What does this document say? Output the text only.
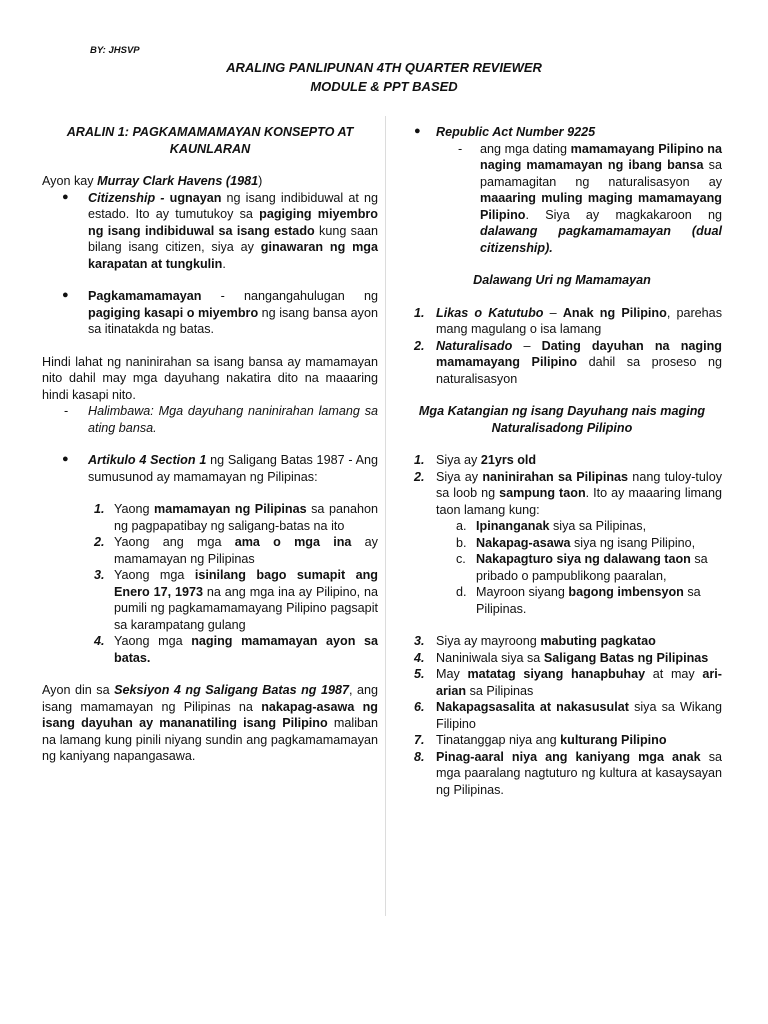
BY: JHSVP
ARALING PANLIPUNAN 4TH QUARTER REVIEWER
MODULE & PPT BASED

ARALIN 1: PAGKAMAMAMAYAN KONSEPTO AT KAUNLARAN

Ayon kay Murray Clark Havens (1981)

● Citizenship - ugnayan ng isang indibiduwal at ng estado. Ito ay tumutukoy sa pagiging miyembro ng isang indibiduwal sa isang estado kung saan bilang isang citizen, siya ay ginawaran ng mga karapatan at tungkulin.
● Pagkamamamayan - nangangahulugan ng pagiging kasapi o miyembro ng isang bansa ayon sa itinatakda ng batas.

Hindi lahat ng naninirahan sa isang bansa ay mamamayan nito dahil may mga dayuhang nakatira dito na maaaring hindi kasapi nito.

- Halimbawa: Mga dayuhang naninirahan lamang sa ating bansa.
● Artikulo 4 Section 1 ng Saligang Batas 1987 - Ang sumusunod ay mamamayan ng Pilipinas:
1. Yaong mamamayan ng Pilipinas sa panahon ng pagpapatibay ng saligang-batas na ito
2. Yaong ang mga ama o mga ina ay mamamayan ng Pilipinas
3. Yaong mga isinilang bago sumapit ang Enero 17, 1973 na ang mga ina ay Pilipino, na pumili ng pagkamamamayang Pilipino pagsapit sa karampatang gulang
4. Yaong mga naging mamamayan ayon sa batas.

Ayon din sa Seksiyon 4 ng Saligang Batas ng 1987, ang isang mamamayan ng Pilipinas na nakapag-asawa ng isang dayuhan ay mananatiling isang Pilipino maliban na lamang kung pinili niyang sundin ang pagkamamamayan ng kaniyang napangasawa.

● Republic Act Number 9225
- ang mga dating mamamayang Pilipino na naging mamamayan ng ibang bansa sa pamamagitan ng naturalisasyon ay maaaring muling maging mamamayang Pilipino. Siya ay magkakaroon ng dalawang pagkamamamayan (dual citizenship).

Dalawang Uri ng Mamamayan

1. Likas o Katutubo – Anak ng Pilipino, parehas mang magulang o isa lamang
2. Naturalisado – Dating dayuhan na naging mamamayang Pilipino dahil sa proseso ng naturalisasyon

Mga Katangian ng isang Dayuhang nais maging Naturalisadong Pilipino

1. Siya ay 21yrs old
2. Siya ay naninirahan sa Pilipinas nang tuloy-tuloy sa loob ng sampung taon. Ito ay maaaring limang taon lamang kung:
a. Ipinanganak siya sa Pilipinas,
b. Nakapag-asawa siya ng isang Pilipino,
c. Nakapagturo siya ng dalawang taon sa pribado o pampublikong paaralan,
d. Mayroon siyang bagong imbensyon sa Pilipinas.
3. Siya ay mayroong mabuting pagkatao
4. Naniniwala siya sa Saligang Batas ng Pilipinas
5. May matatag siyang hanapbuhay at may ari-arian sa Pilipinas
6. Nakapagsasalita at nakasusulat siya sa Wikang Filipino
7. Tinatanggap niya ang kulturang Pilipino
8. Pinag-aaral niya ang kaniyang mga anak sa mga paaralang nagtuturo ng kultura at kasaysayan ng Pilipinas.
